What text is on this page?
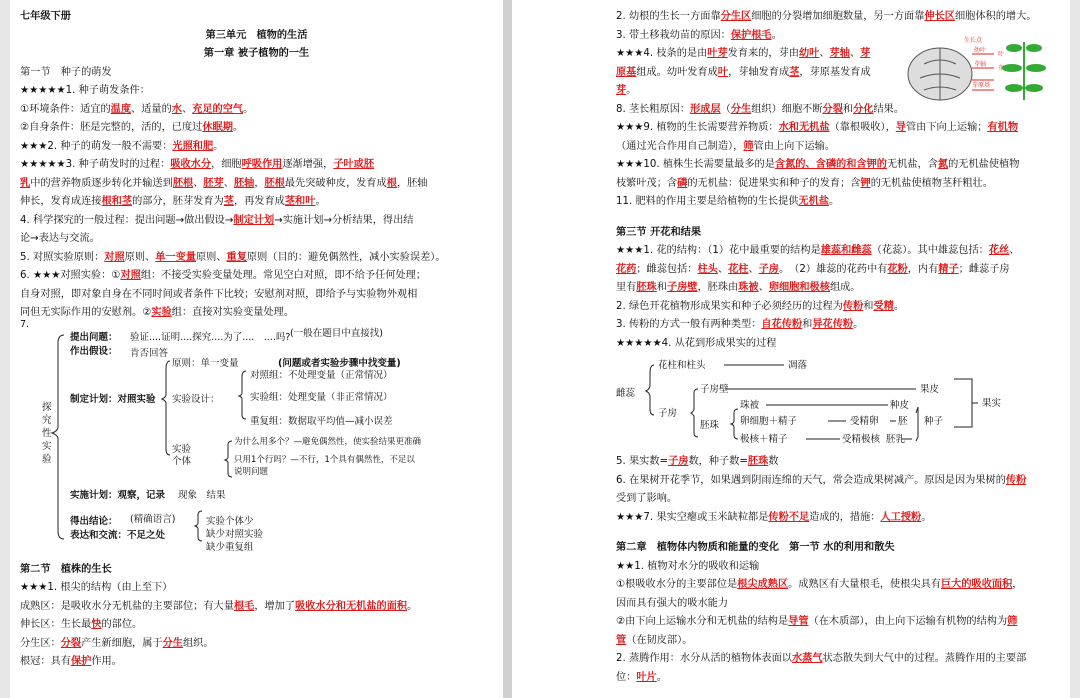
七年级下册
第三单元　植物的生活
第一章 被子植物的一生
第一节　种子的萌发
★★★★★1. 种子萌发条件：
①环境条件：适宜的温度、适量的水、充足的空气。
②自身条件：胚是完整的，活的，已度过休眠期。
★★★2. 种子的萌发一般不需要：光照和肥。
★★★★★3. 种子萌发时的过程：吸收水分，细胞呼吸作用逐渐增强，子叶或胚
乳中的营养物质逐步转化并输送到胚根、胚芽、胚轴，胚根最先突破种皮，发育成根，胚轴
伸长，发育成连接根和茎的部分，胚芽发育为茎，再发育成茎和叶。
4. 科学探究的一般过程：提出问题→做出假设→制定计划→实施计划→分析结果，得出结
论→表达与交流。
5. 对照实验原则：对照原则、单一变量原则、重复原则（目的：避免偶然性，减小实验误差）。
6. ★★★对照实验：①对照组：不接受实验变量处理。常见空白对照，即不给予任何处理；
自身对照，即对象自身在不同时间或者条件下比较；安慰剂对照，即给予与实验物外观相
同但无实际作用的安慰剂。②实验组：直接对实验变量处理。
7.
探究性实验
提出问题： 验证....证明....探究....为了....　....吗? (一般在题目中直接找)
作出假设： 肯否回答
制定计划：对照实验
原则：单一变量	(问题或者实验步骤中找变量)
实验设计：
对照组：不处理变量（正常情况）
实验组：处理变量（非正常情况）
重复组：数据取平均值—减小误差
实验
个体
为什么用多个？—避免偶然性，使实验结果更准确
只用1个行吗？—不行，1个具有偶然性，不足以
说明问题
实施计划：观察，记录 现象　结果
得出结论： (精确语言)
表达和交流：不足之处
实验个体少
缺少对照实验
缺少重复组
第二节　植株的生长
★★★1. 根尖的结构（由上至下）
成熟区：是吸收水分无机盐的主要部位；有大量根毛，增加了吸收水分和无机盐的面积。
伸长区：生长最快的部位。
分生区：分裂产生新细胞，属于分生组织。
根冠：具有保护作用。
生长点
叶
芽
幼叶
芽轴
芽原基
2. 幼根的生长一方面靠分生区细胞的分裂增加细胞数量，另一方面靠伸长区细胞体积的增大。
3. 带土移栽幼苗的原因：保护根毛。
★★★4. 枝条的是由叶芽发育来的，芽由幼叶、芽轴、芽
原基组成。幼叶发育成叶，芽轴发育成茎，芽原基发育成
芽。
8. 茎长粗原因：形成层（分生组织）细胞不断分裂和分化结果。
★★★9. 植物的生长需要营养物质：水和无机盐（靠根吸收），导管由下向上运输；有机物
（通过光合作用自己制造），筛管由上向下运输。
★★★10. 植株生长需要量最多的是含氮的、含磷的和含钾的无机盐，含氮的无机盐使植物
枝繁叶茂；含磷的无机盐：促进果实和种子的发育；含钾的无机盐使植物茎秆粗壮。
11. 肥料的作用主要是给植物的生长提供无机盐。
第三节 开花和结果
★★★1. 花的结构：（1）花中最重要的结构是雄蕊和雌蕊（花蕊）。其中雄蕊包括：花丝、
花药；雌蕊包括：柱头、花柱、子房。　（2）雄蕊的花药中有花粉，内有精子；雌蕊子房
里有胚珠和子房壁，胚珠由珠被、卵细胞和极核组成。
2. 绿色开花植物形成果实和种子必须经历的过程为传粉和受精。
3. 传粉的方式一般有两种类型：自花传粉和异花传粉。
★★★★★4. 从花到形成果实的过程
雌蕊
花柱和柱头	凋落
子房
子房壁	果皮
胚珠
珠被	种皮
卵细胞＋精子	受精卵 胚
极核＋精子	受精极核 胚乳
种子
果实
5. 果实数=子房数，种子数=胚珠数
6. 在果树开花季节，如果遇到阴雨连绵的天气，常会造成果树减产。原因是因为果树的传粉
受到了影响。
★★★7. 果实空瘪或玉米缺粒都是传粉不足造成的，措施：人工授粉。
第二章　植物体内物质和能量的变化　第一节 水的利用和散失
★★1. 植物对水分的吸收和运输
①根吸收水分的主要部位是根尖成熟区。成熟区有大量根毛，使根尖具有巨大的吸收面积，
因而具有强大的吸水能力
②由下向上运输水分和无机盐的结构是导管（在木质部），由上向下运输有机物的结构为筛
管（在韧皮部）。
2. 蒸腾作用：水分从活的植物体表面以水蒸气状态散失到大气中的过程。蒸腾作用的主要部
位：叶片。
